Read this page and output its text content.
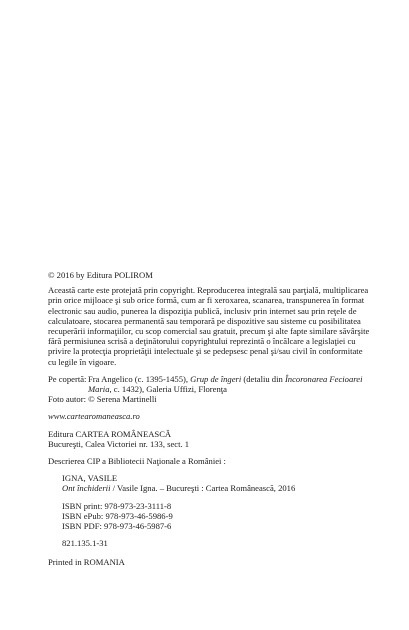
© 2016 by Editura POLIROM
Această carte este protejată prin copyright. Reproducerea integrală sau parţială, multiplicarea
prin orice mijloace şi sub orice formă, cum ar fi xeroxarea, scanarea, transpunerea în format
electronic sau audio, punerea la dispoziţia publică, inclusiv prin internet sau prin reţele de
calculatoare, stocarea permanentă sau temporară pe dispozitive sau sisteme cu posibilitatea
recuperării informaţiilor, cu scop comercial sau gratuit, precum şi alte fapte similare săvârşite
fără permisiunea scrisă a deţinătorului copyrightului reprezintă o încălcare a legislaţiei cu
privire la protecţia proprietăţii intelectuale şi se pedepsesc penal şi/sau civil în conformitate
cu legile în vigoare.
Pe copertă: Fra Angelico (c. 1395-1455), Grup de îngeri (detaliu din Încoronarea Fecioarei
Maria, c. 1432), Galeria Uffizi, Florenţa
Foto autor: © Serena Martinelli
www.cartearomaneasca.ro
Editura CARTEA ROMÂNEASCĂ
Bucureşti, Calea Victoriei nr. 133, sect. 1
Descrierea CIP a Bibliotecii Naţionale a României :
IGNA, VASILE
Ont închiderii / Vasile Igna. – Bucureşti : Cartea Românească, 2016
ISBN print: 978-973-23-3111-8
ISBN ePub: 978-973-46-5986-9
ISBN PDF: 978-973-46-5987-6
821.135.1-31
Printed in ROMANIA
